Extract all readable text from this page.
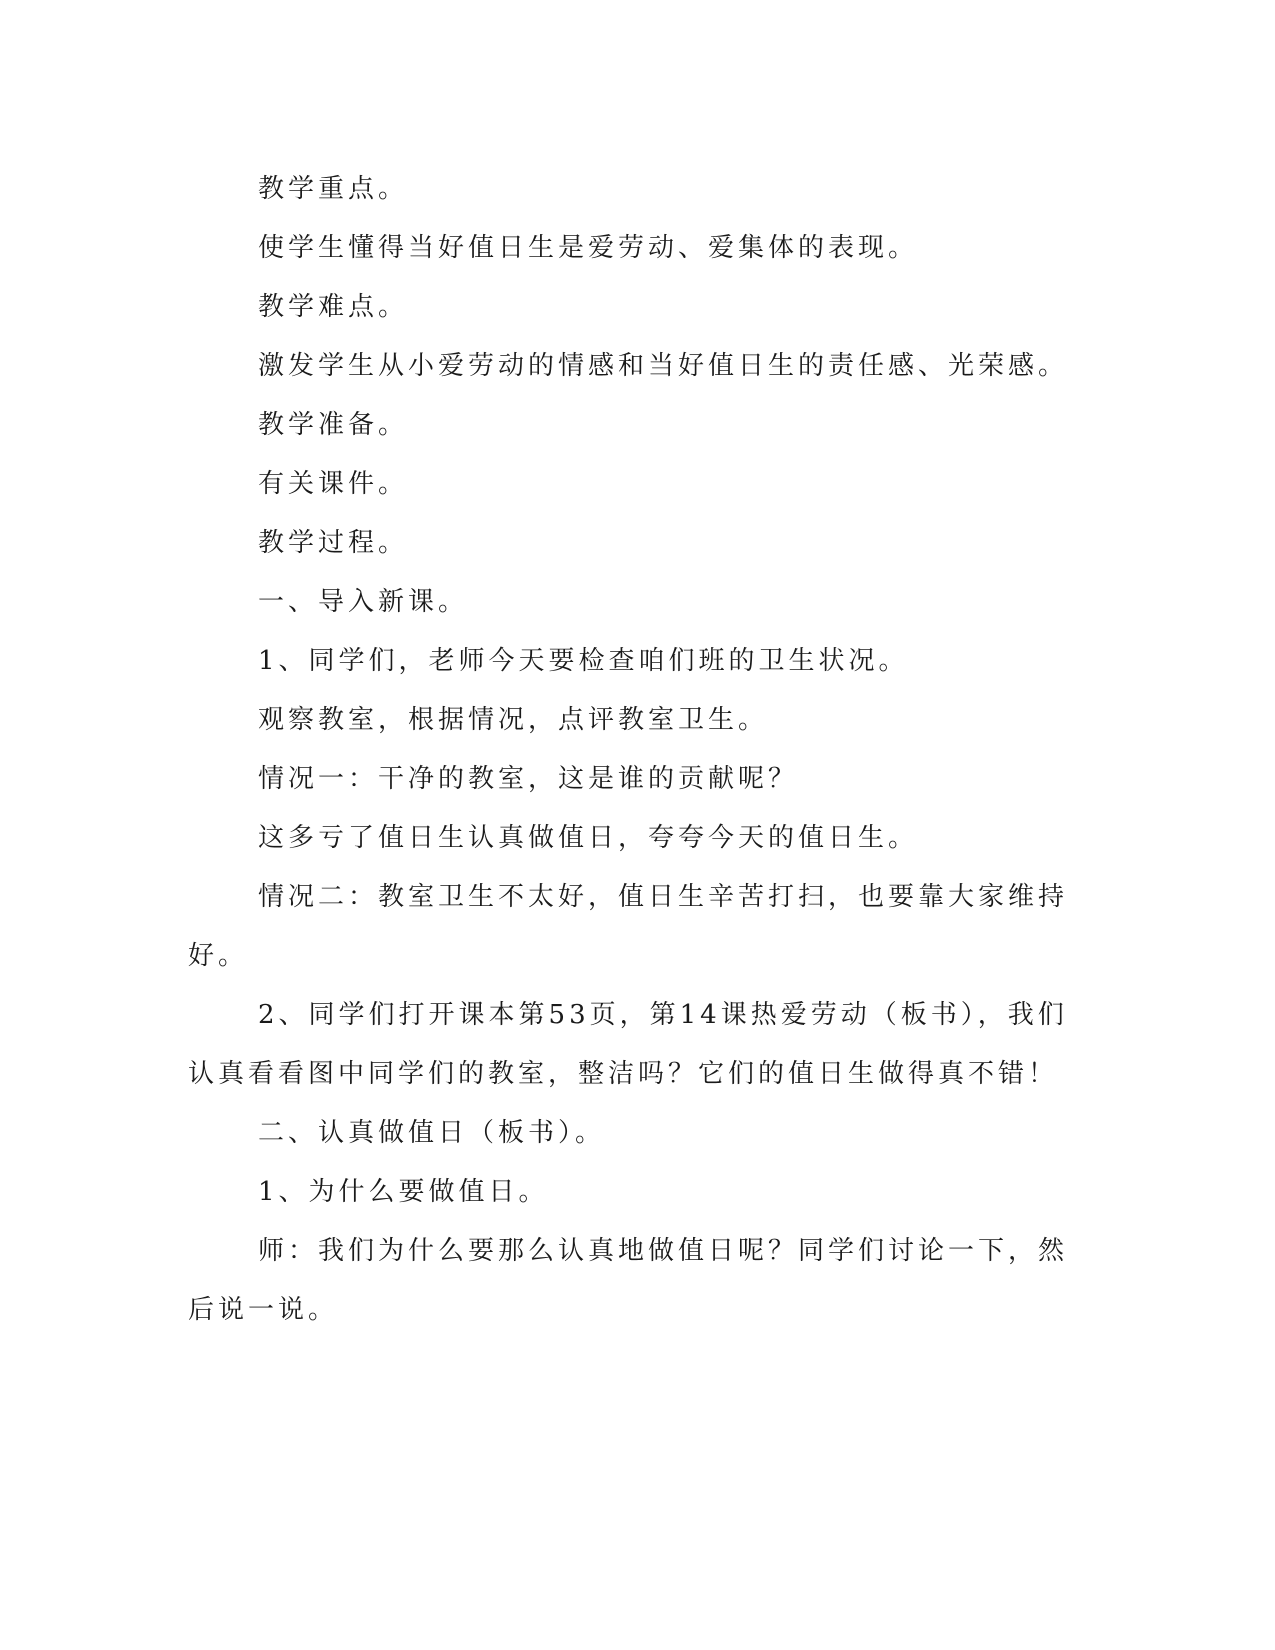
教学重点。

使学生懂得当好值日生是爱劳动、爱集体的表现。

教学难点。

激发学生从小爱劳动的情感和当好值日生的责任感、光荣感。

教学准备。

有关课件。

教学过程。

一、导入新课。

1、同学们，老师今天要检查咱们班的卫生状况。

观察教室，根据情况，点评教室卫生。

情况一：干净的教室，这是谁的贡献呢？

这多亏了值日生认真做值日，夸夸今天的值日生。

情况二：教室卫生不太好，值日生辛苦打扫，也要靠大家维持好。

2、同学们打开课本第53页，第14课热爱劳动（板书），我们认真看看图中同学们的教室，整洁吗？它们的值日生做得真不错！

二、认真做值日（板书）。

1、为什么要做值日。

师：我们为什么要那么认真地做值日呢？同学们讨论一下，然后说一说。
